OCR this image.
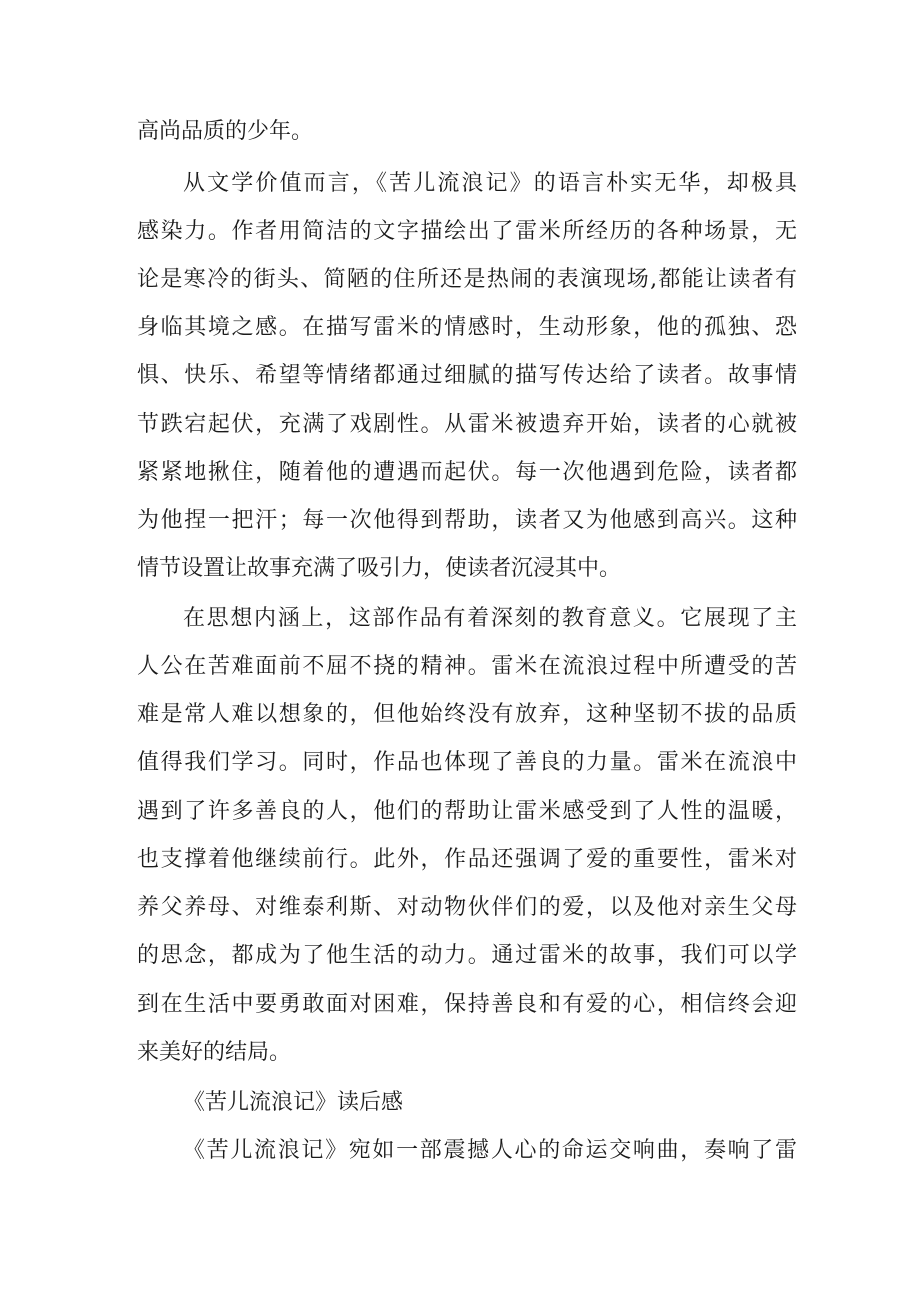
高尚品质的少年。
从文学价值而言，《苦儿流浪记》的语言朴实无华，却极具
感染力。作者用简洁的文字描绘出了雷米所经历的各种场景，无
论是寒冷的街头、简陋的住所还是热闹的表演现场,都能让读者有
身临其境之感。在描写雷米的情感时，生动形象，他的孤独、恐
惧、快乐、希望等情绪都通过细腻的描写传达给了读者。故事情
节跌宕起伏，充满了戏剧性。从雷米被遗弃开始，读者的心就被
紧紧地揪住，随着他的遭遇而起伏。每一次他遇到危险，读者都
为他捏一把汗；每一次他得到帮助，读者又为他感到高兴。这种
情节设置让故事充满了吸引力，使读者沉浸其中。
在思想内涵上，这部作品有着深刻的教育意义。它展现了主
人公在苦难面前不屈不挠的精神。雷米在流浪过程中所遭受的苦
难是常人难以想象的，但他始终没有放弃，这种坚韧不拔的品质
值得我们学习。同时，作品也体现了善良的力量。雷米在流浪中
遇到了许多善良的人，他们的帮助让雷米感受到了人性的温暖，
也支撑着他继续前行。此外，作品还强调了爱的重要性，雷米对
养父养母、对维泰利斯、对动物伙伴们的爱，以及他对亲生父母
的思念，都成为了他生活的动力。通过雷米的故事，我们可以学
到在生活中要勇敢面对困难，保持善良和有爱的心，相信终会迎
来美好的结局。
《苦儿流浪记》读后感
《苦儿流浪记》宛如一部震撼人心的命运交响曲，奏响了雷
